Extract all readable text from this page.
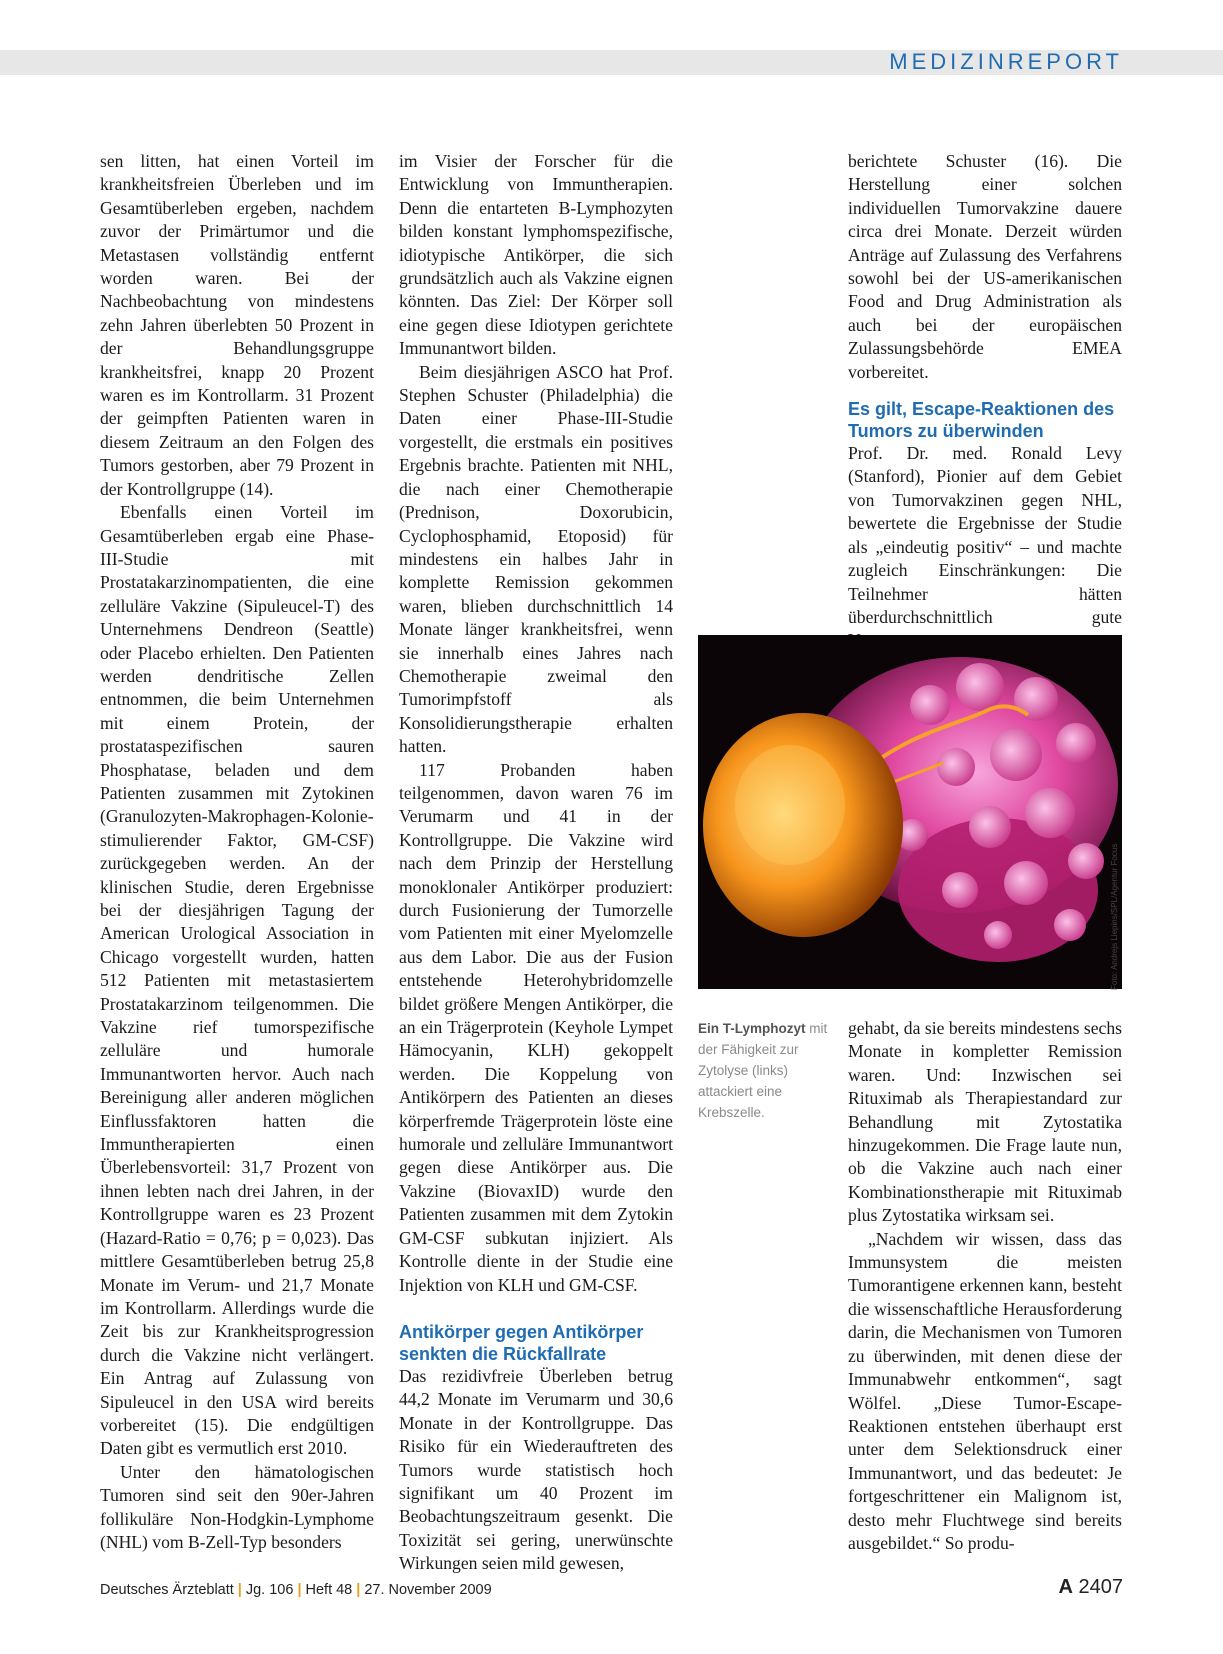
MEDIZINREPORT

sen litten, hat einen Vorteil im krankheitsfreien Überleben und im Gesamtüberleben ergeben, nachdem zuvor der Primärtumor und die Metastasen vollständig entfernt worden waren. Bei der Nachbeobachtung von mindestens zehn Jahren überlebten 50 Prozent in der Behandlungsgruppe krankheitsfrei, knapp 20 Prozent waren es im Kontrollarm. 31 Prozent der geimpften Patienten waren in diesem Zeitraum an den Folgen des Tumors gestorben, aber 79 Prozent in der Kontrollgruppe (14).

Ebenfalls einen Vorteil im Gesamtüberleben ergab eine Phase-III-Studie mit Prostatakarzinompatienten, die eine zelluläre Vakzine (Sipuleucel-T) des Unternehmens Dendreon (Seattle) oder Placebo erhielten. Den Patienten werden dendritische Zellen entnommen, die beim Unternehmen mit einem Protein, der prostataspezifischen sauren Phosphatase, beladen und dem Patienten zusammen mit Zytokinen (Granulozyten-Makrophagen-Kolonie-stimulierender Faktor, GM-CSF) zurückgegeben werden. An der klinischen Studie, deren Ergebnisse bei der diesjährigen Tagung der American Urological Association in Chicago vorgestellt wurden, hatten 512 Patienten mit metastasiertem Prostatakarzinom teilgenommen. Die Vakzine rief tumorspezifische zelluläre und humorale Immunantworten hervor. Auch nach Bereinigung aller anderen möglichen Einflussfaktoren hatten die Immuntherapierten einen Überlebensvorteil: 31,7 Prozent von ihnen lebten nach drei Jahren, in der Kontrollgruppe waren es 23 Prozent (Hazard-Ratio = 0,76; p = 0,023). Das mittlere Gesamtüberleben betrug 25,8 Monate im Verum- und 21,7 Monate im Kontrollarm. Allerdings wurde die Zeit bis zur Krankheitsprogression durch die Vakzine nicht verlängert. Ein Antrag auf Zulassung von Sipuleucel in den USA wird bereits vorbereitet (15). Die endgültigen Daten gibt es vermutlich erst 2010.

Unter den hämatologischen Tumoren sind seit den 90er-Jahren follikuläre Non-Hodgkin-Lymphome (NHL) vom B-Zell-Typ besonders

im Visier der Forscher für die Entwicklung von Immuntherapien. Denn die entarteten B-Lymphozyten bilden konstant lymphomspezifische, idiotypische Antikörper, die sich grundsätzlich auch als Vakzine eignen könnten. Das Ziel: Der Körper soll eine gegen diese Idiotypen gerichtete Immunantwort bilden.

Beim diesjährigen ASCO hat Prof. Stephen Schuster (Philadelphia) die Daten einer Phase-III-Studie vorgestellt, die erstmals ein positives Ergebnis brachte. Patienten mit NHL, die nach einer Chemotherapie (Prednison, Doxorubicin, Cyclophosphamid, Etoposid) für mindestens ein halbes Jahr in komplette Remission gekommen waren, blieben durchschnittlich 14 Monate länger krankheitsfrei, wenn sie innerhalb eines Jahres nach Chemotherapie zweimal den Tumorimpfstoff als Konsolidierungstherapie erhalten hatten.

117 Probanden haben teilgenommen, davon waren 76 im Verumarm und 41 in der Kontrollgruppe. Die Vakzine wird nach dem Prinzip der Herstellung monoklonaler Antikörper produziert: durch Fusionierung der Tumorzelle vom Patienten mit einer Myelomzelle aus dem Labor. Die aus der Fusion entstehende Heterohybridomzelle bildet größere Mengen Antikörper, die an ein Trägerprotein (Keyhole Lympet Hämocyanin, KLH) gekoppelt werden. Die Koppelung von Antikörpern des Patienten an dieses körperfremde Trägerprotein löste eine humorale und zelluläre Immunantwort gegen diese Antikörper aus. Die Vakzine (BiovaxID) wurde den Patienten zusammen mit dem Zytokin GM-CSF subkutan injiziert. Als Kontrolle diente in der Studie eine Injektion von KLH und GM-CSF.

Antikörper gegen Antikörper senkten die Rückfallrate

Das rezidivfreie Überleben betrug 44,2 Monate im Verumarm und 30,6 Monate in der Kontrollgruppe. Das Risiko für ein Wiederauftreten des Tumors wurde statistisch hoch signifikant um 40 Prozent im Beobachtungszeitraum gesenkt. Die Toxizität sei gering, unerwünschte Wirkungen seien mild gewesen,

berichtete Schuster (16). Die Herstellung einer solchen individuellen Tumorvakzine dauere circa drei Monate. Derzeit würden Anträge auf Zulassung des Verfahrens sowohl bei der US-amerikanischen Food and Drug Administration als auch bei der europäischen Zulassungsbehörde EMEA vorbereitet.

Es gilt, Escape-Reaktionen des Tumors zu überwinden

Prof. Dr. med. Ronald Levy (Stanford), Pionier auf dem Gebiet von Tumorvakzinen gegen NHL, bewertete die Ergebnisse der Studie als „eindeutig positiv“ – und machte zugleich Einschränkungen: Die Teilnehmer hätten überdurchschnittlich gute

Foto: Andrejs Liepins/SPL/Agentur Focus
Ein T-Lymphozyt mit der Fähigkeit zur Zytolyse (links) attackiert eine Krebszelle.

gehabt, da sie bereits mindestens sechs Monate in kompletter Remission waren. Und: Inzwischen sei Rituximab als Therapiestandard zur Behandlung mit Zytostatika hinzugekommen. Die Frage laute nun, ob die Vakzine auch nach einer Kombinationstherapie mit Rituximab plus Zytostatika wirksam sei.

„Nachdem wir wissen, dass das Immunsystem die meisten Tumorantigene erkennen kann, besteht die wissenschaftliche Herausforderung darin, die Mechanismen von Tumoren zu überwinden, mit denen diese der Immunabwehr entkommen“, sagt Wölfel. „Diese Tumor-Escape-Reaktionen entstehen überhaupt erst unter dem Selektionsdruck einer Immunantwort, und das bedeutet: Je fortgeschrittener ein Malignom ist, desto mehr Fluchtwege sind bereits ausgebildet.“ So produ-

Deutsches Ärzteblatt | Jg. 106 | Heft 48 | 27. November 2009	A 2407
